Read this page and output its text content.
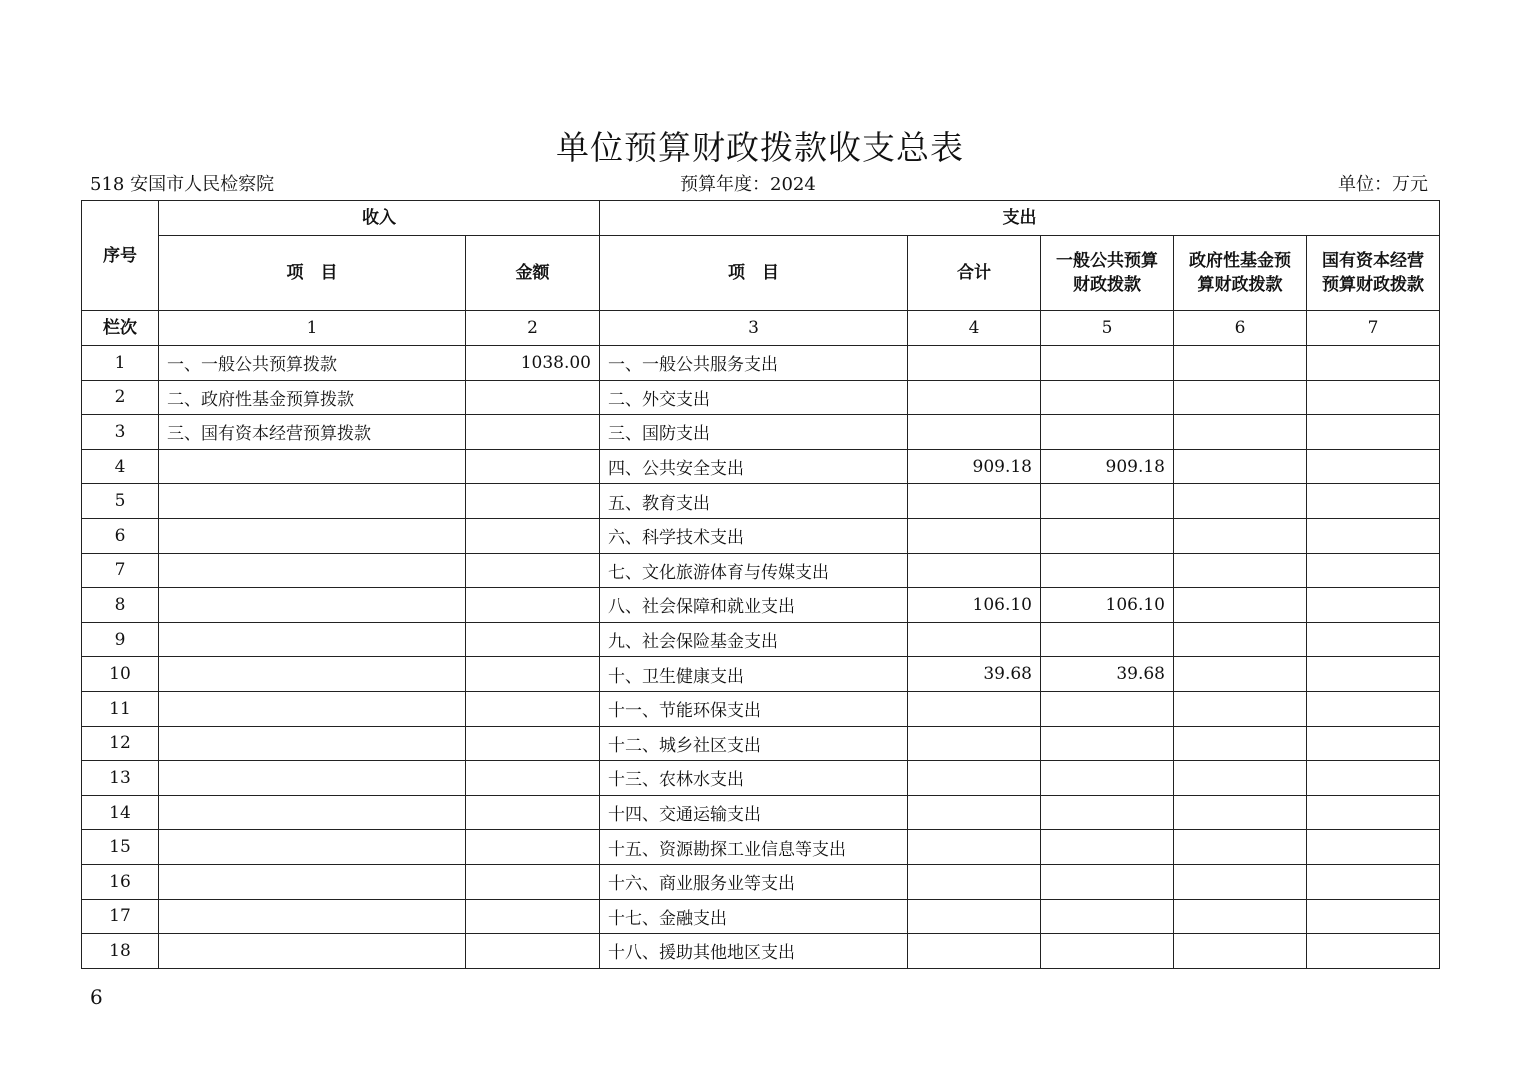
单位预算财政拨款收支总表
518 安国市人民检察院	预算年度：2024	单位：万元
序号	收入		支出				
	项　目	金额	项　目	合计	一般公共预算财政拨款	政府性基金预算财政拨款	国有资本经营预算财政拨款
栏次	1	2	3	4	5	6	7
1	一、一般公共预算拨款	1038.00	一、一般公共服务支出				
2	二、政府性基金预算拨款		二、外交支出				
3	三、国有资本经营预算拨款		三、国防支出				
4			四、公共安全支出	909.18	909.18		
5			五、教育支出				
6			六、科学技术支出				
7			七、文化旅游体育与传媒支出				
8			八、社会保障和就业支出	106.10	106.10		
9			九、社会保险基金支出				
10			十、卫生健康支出	39.68	39.68		
11			十一、节能环保支出				
12			十二、城乡社区支出				
13			十三、农林水支出				
14			十四、交通运输支出				
15			十五、资源勘探工业信息等支出				
16			十六、商业服务业等支出				
17			十七、金融支出				
18			十八、援助其他地区支出				
6
